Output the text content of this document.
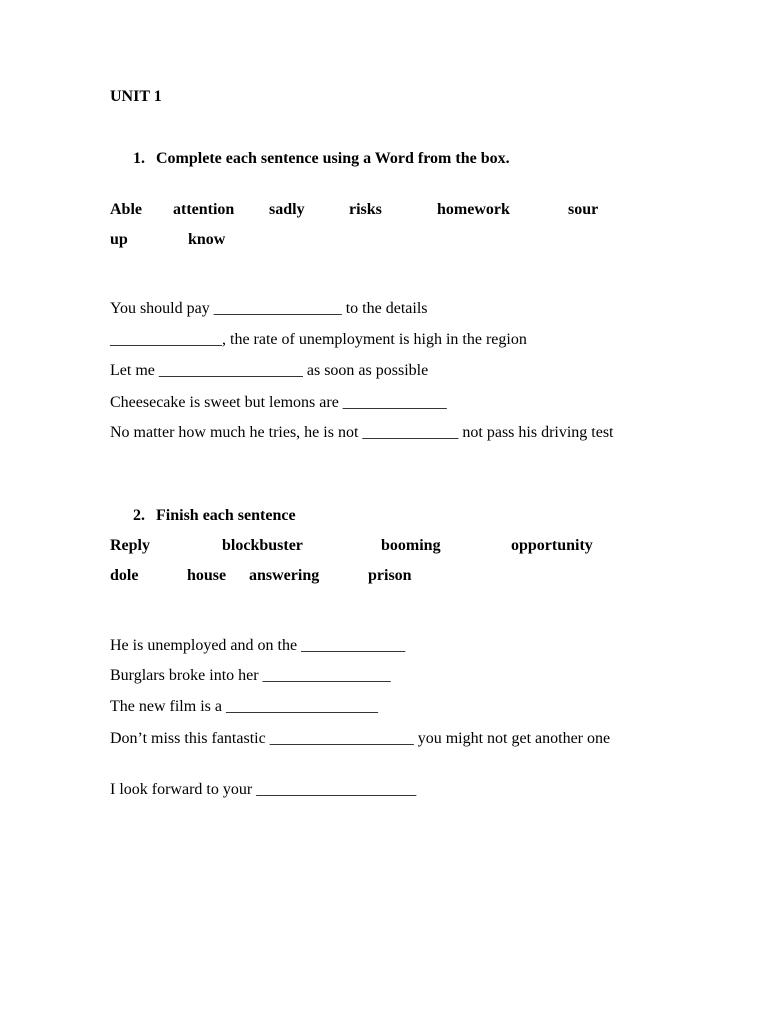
UNIT 1
1. Complete each sentence using a Word from the box.
Able attention sadly	risks	homework	sour
up	know
You should pay ________________ to the details
______________, the rate of unemployment is high in the region
Let me __________________ as soon as possible
Cheesecake is sweet but lemons are _____________
No matter how much he tries, he is not ____________ not pass his driving test
2. Finish each sentence
Reply	blockbuster	booming	opportunity
dole	house answering	prison
He is unemployed and on the _____________
Burglars broke into her ________________
The new film is a ___________________
Don’t miss this fantastic __________________ you might not get another one
I look forward to your ____________________
